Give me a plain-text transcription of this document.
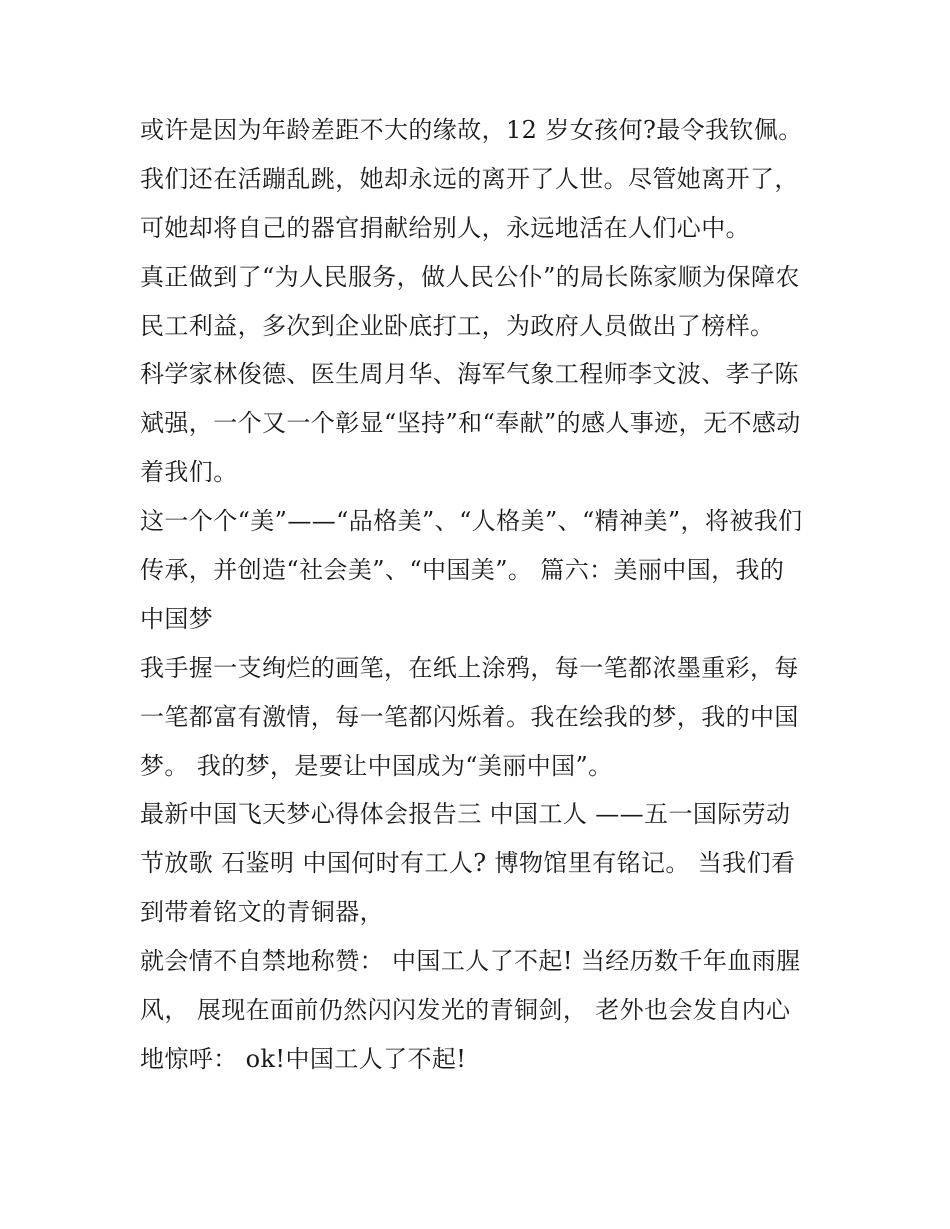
或许是因为年龄差距不大的缘故，12 岁女孩何?最令我钦佩。
我们还在活蹦乱跳，她却永远的离开了人世。尽管她离开了，
可她却将自己的器官捐献给别人，永远地活在人们心中。
真正做到了“为人民服务，做人民公仆”的局长陈家顺为保障农
民工利益，多次到企业卧底打工，为政府人员做出了榜样。
科学家林俊德、医生周月华、海军气象工程师李文波、孝子陈
斌强，一个又一个彰显“坚持”和“奉献”的感人事迹，无不感动
着我们。
这一个个“美”——“品格美”、“人格美”、“精神美”，将被我们
传承，并创造“社会美”、“中国美”。 篇六：美丽中国，我的
中国梦
我手握一支绚烂的画笔，在纸上涂鸦，每一笔都浓墨重彩，每
一笔都富有激情，每一笔都闪烁着。我在绘我的梦，我的中国
梦。 我的梦，是要让中国成为“美丽中国”。
最新中国飞天梦心得体会报告三 中国工人 ——五一国际劳动
节放歌 石鉴明 中国何时有工人? 博物馆里有铭记。 当我们看
到带着铭文的青铜器，
就会情不自禁地称赞： 中国工人了不起! 当经历数千年血雨腥
风， 展现在面前仍然闪闪发光的青铜剑， 老外也会发自内心
地惊呼： ok!中国工人了不起!
